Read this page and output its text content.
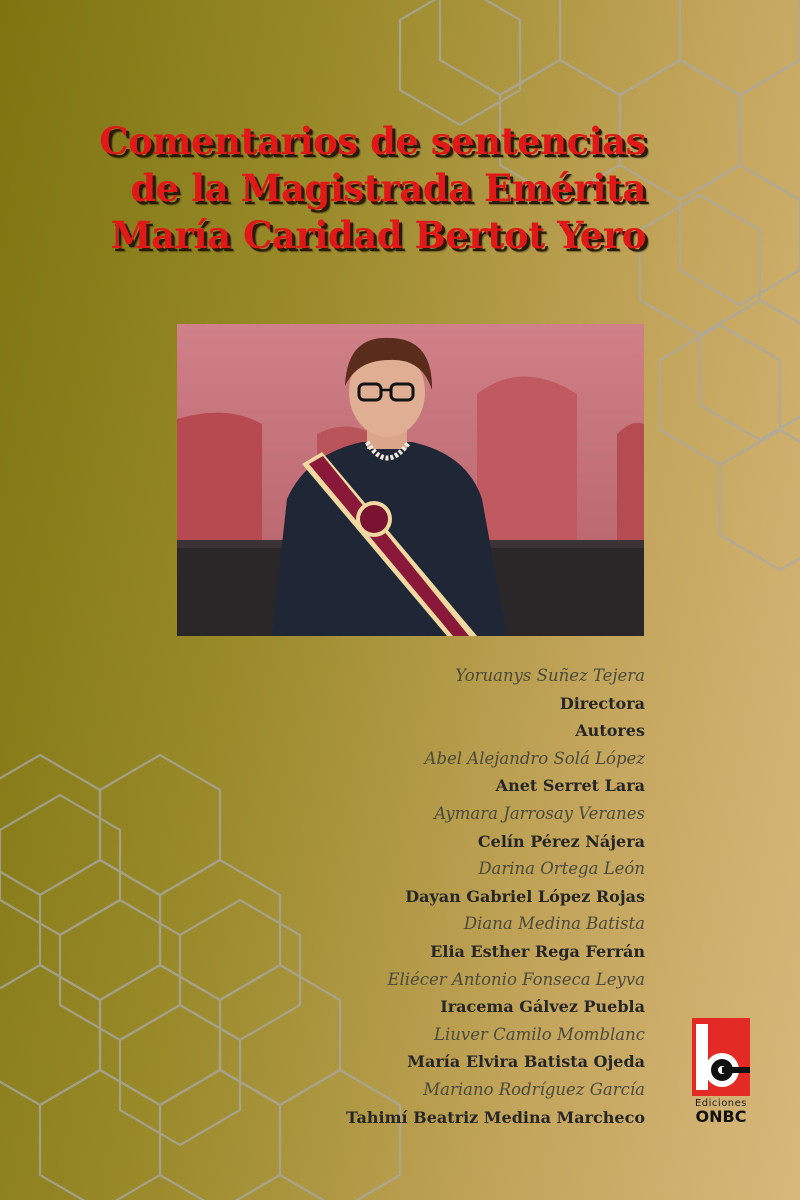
Comentarios de sentencias
de la Magistrada Emérita
María Caridad Bertot Yero
Yoruanys Suñez Tejera
Directora
Autores
Abel Alejandro Solá López
Anet Serret Lara
Aymara Jarrosay Veranes
Celín Pérez Nájera
Darina Ortega León
Dayan Gabriel López Rojas
Diana Medina Batista
Elia Esther Rega Ferrán
Eliécer Antonio Fonseca Leyva
Iracema Gálvez Puebla
Liuver Camilo Momblanc
María Elvira Batista Ojeda
Mariano Rodríguez García
Tahimí Beatriz Medina Marcheco
Ediciones
ONBC
